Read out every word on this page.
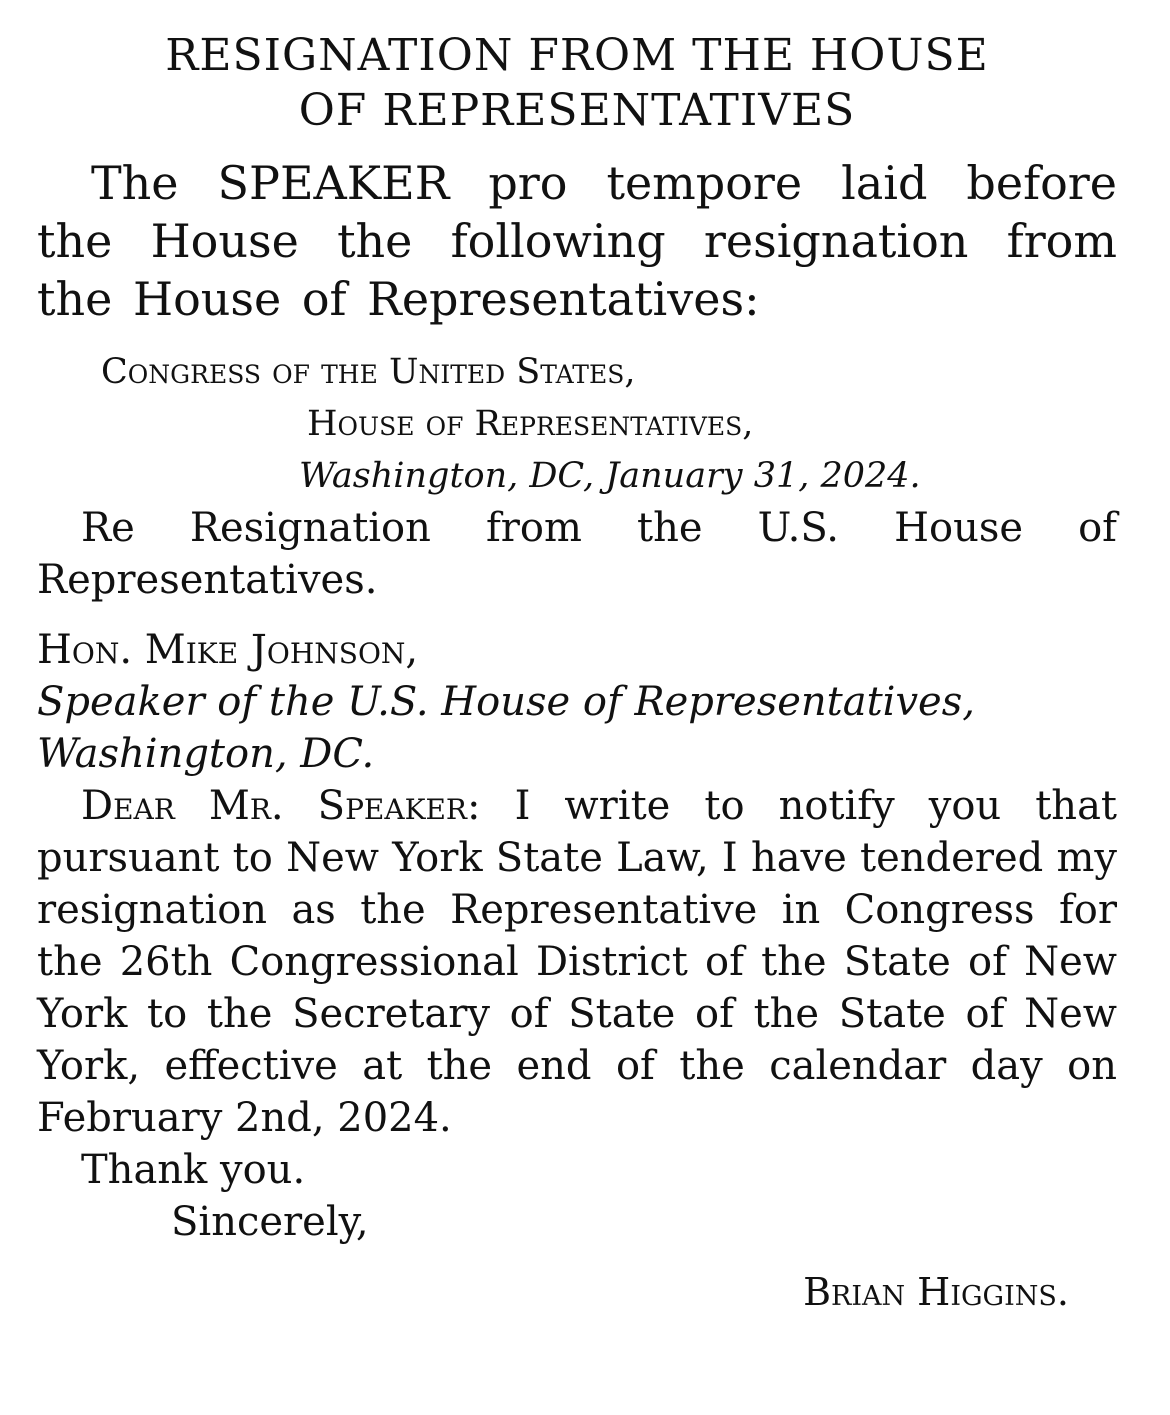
RESIGNATION FROM THE HOUSE
OF REPRESENTATIVES
The SPEAKER pro tempore laid before the House the following resignation from the House of Representatives:
Congress of the United States,
House of Representatives,
Washington, DC, January 31, 2024.
Re Resignation from the U.S. House of Representatives.
Hon. Mike Johnson,
Speaker of the U.S. House of Representatives,
Washington, DC.
Dear Mr. Speaker: I write to notify you that pursuant to New York State Law, I have tendered my resignation as the Representative in Congress for the 26th Congressional District of the State of New York to the Secretary of State of the State of New York, effective at the end of the calendar day on February 2nd, 2024.
Thank you.
Sincerely,
Brian Higgins.
